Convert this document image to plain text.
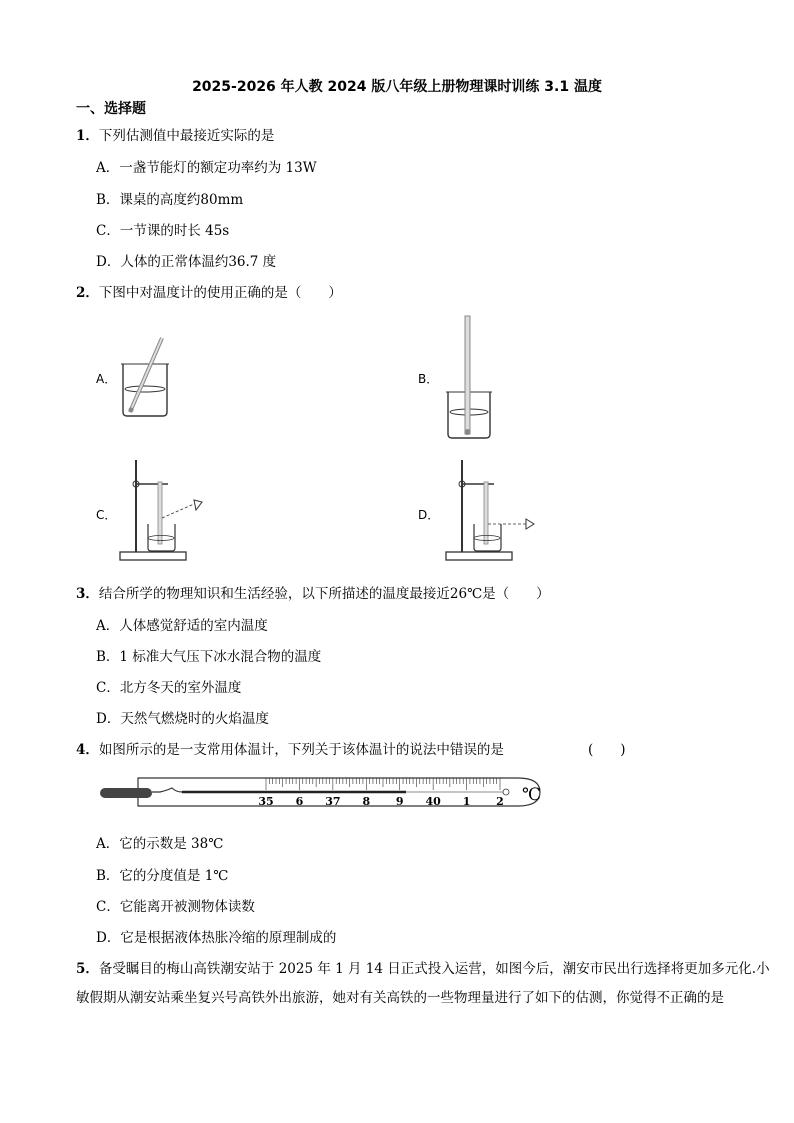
2025-2026 年人教 2024 版八年级上册物理课时训练 3.1 温度
一、选择题
1．下列估测值中最接近实际的是
A．一盏节能灯的额定功率约为 13W
B．课桌的高度约80mm
C．一节课的时长 45s
D．人体的正常体温约36.7 度
2．下图中对温度计的使用正确的是（　　）
A．	B．
C．	D．
3．结合所学的物理知识和生活经验，以下所描述的温度最接近26℃是（　　）
A．人体感觉舒适的室内温度
B．1 标准大气压下冰水混合物的温度
C．北方冬天的室外温度
D．天然气燃烧时的火焰温度
4．如图所示的是一支常用体温计，下列关于该体温计的说法中错误的是	(　　)
35 6 37 8 9 40 1 2 ℃
A．它的示数是 38℃
B．它的分度值是 1℃
C．它能离开被测物体读数
D．它是根据液体热胀冷缩的原理制成的
5．备受瞩目的梅山高铁潮安站于 2025 年 1 月 14 日正式投入运营，如图今后，潮安市民出行选择将更加多元化.小敏假期从潮安站乘坐复兴号高铁外出旅游，她对有关高铁的一些物理量进行了如下的估测，你觉得不正确的是
